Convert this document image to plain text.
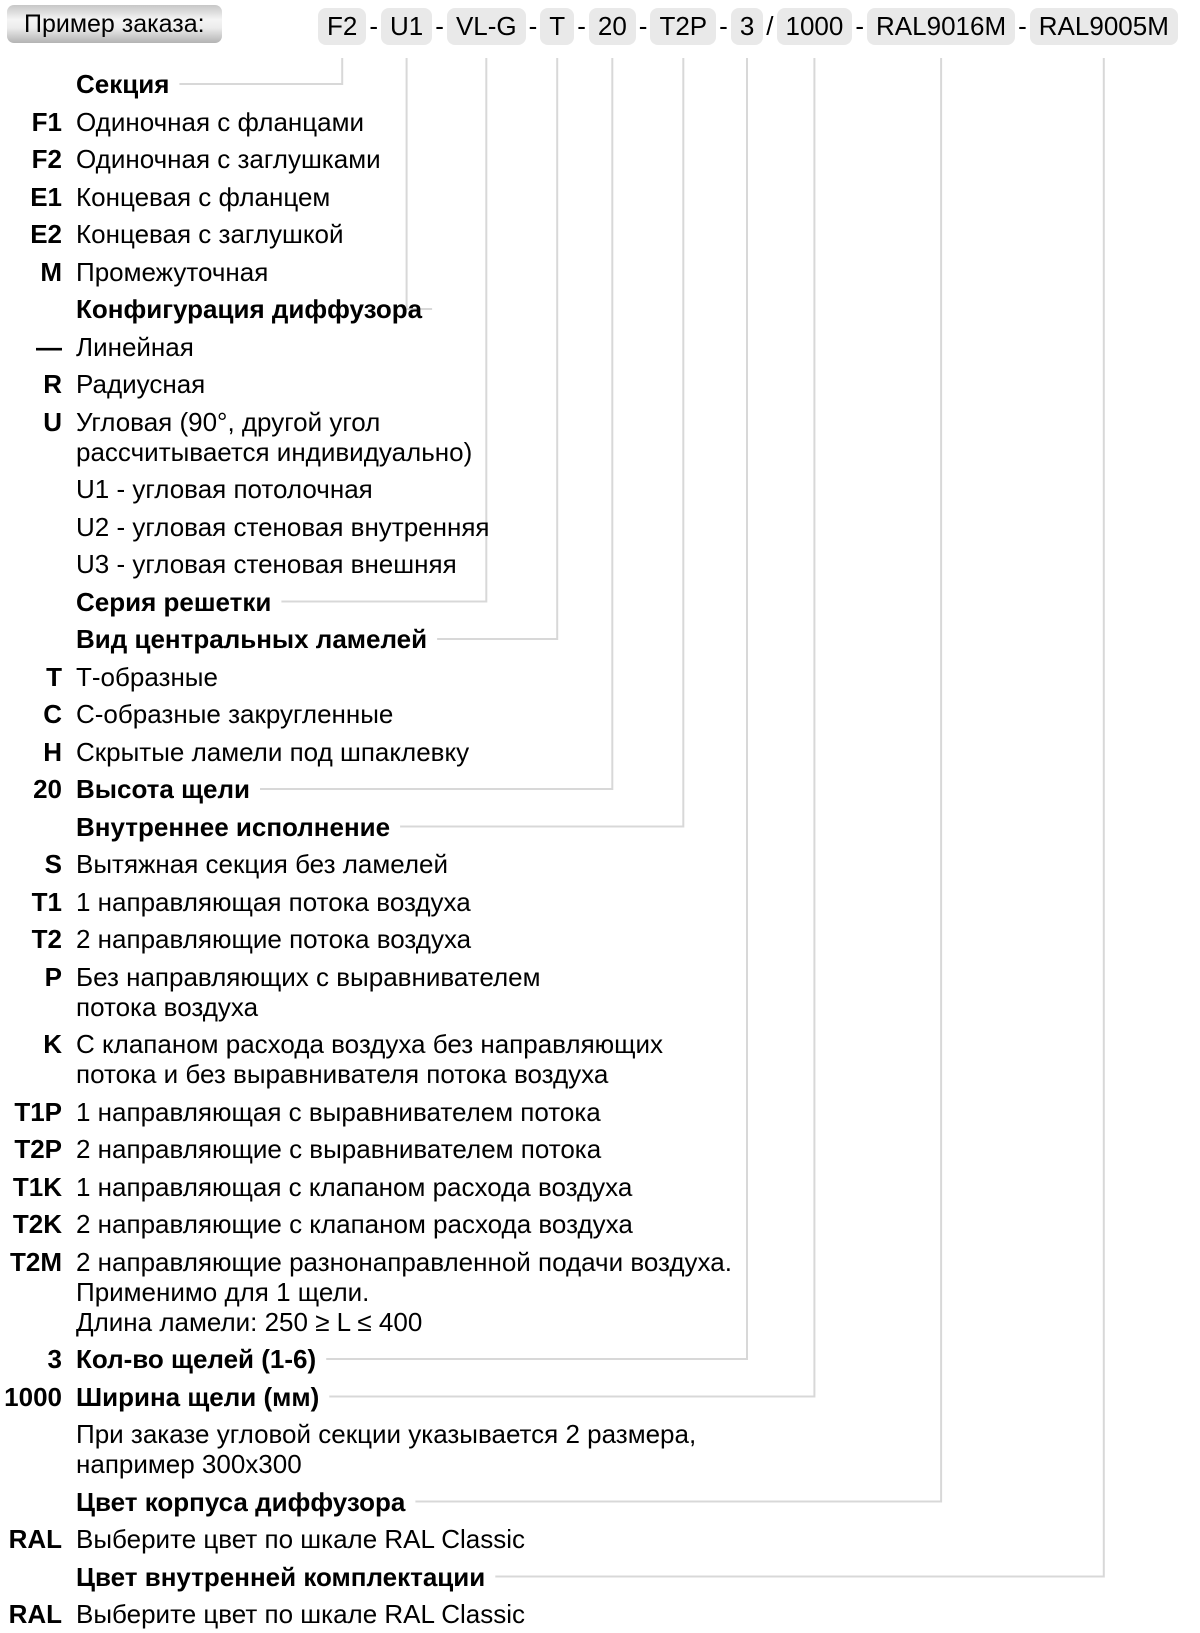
Пример заказа:	F2 - U1 - VL-G - T - 20 - T2P - 3 / 1000 - RAL9016M - RAL9005M
Секция
F1 Одиночная с фланцами
F2 Одиночная с заглушками
E1 Концевая с фланцем
E2 Концевая с заглушкой
M Промежуточная
Конфигурация диффузора
— Линейная
R Радиусная
U Угловая (90°, другой угол
рассчитывается индивидуально)
U1 - угловая потолочная
U2 - угловая стеновая внутренняя
U3 - угловая стеновая внешняя
Серия решетки
Вид центральных ламелей
T Т-образные
C С-образные закругленные
H Скрытые ламели под шпаклевку
20 Высота щели
Внутреннее исполнение
S Вытяжная секция без ламелей
T1 1 направляющая потока воздуха
T2 2 направляющие потока воздуха
P Без направляющих с выравнивателем
потока воздуха
K С клапаном расхода воздуха без направляющих
потока и без выравнивателя потока воздуха
T1P 1 направляющая с выравнивателем потока
T2P 2 направляющие с выравнивателем потока
T1K 1 направляющая с клапаном расхода воздуха
T2K 2 направляющие с клапаном расхода воздуха
T2M 2 направляющие разнонаправленной подачи воздуха.
Применимо для 1 щели.
Длина ламели: 250 ≥ L ≤ 400
3 Кол-во щелей (1-6)
1000 Ширина щели (мм)
При заказе угловой секции указывается 2 размера,
например 300x300
Цвет корпуса диффузора
RAL Выберите цвет по шкале RAL Classic
Цвет внутренней комплектации
RAL Выберите цвет по шкале RAL Classic
